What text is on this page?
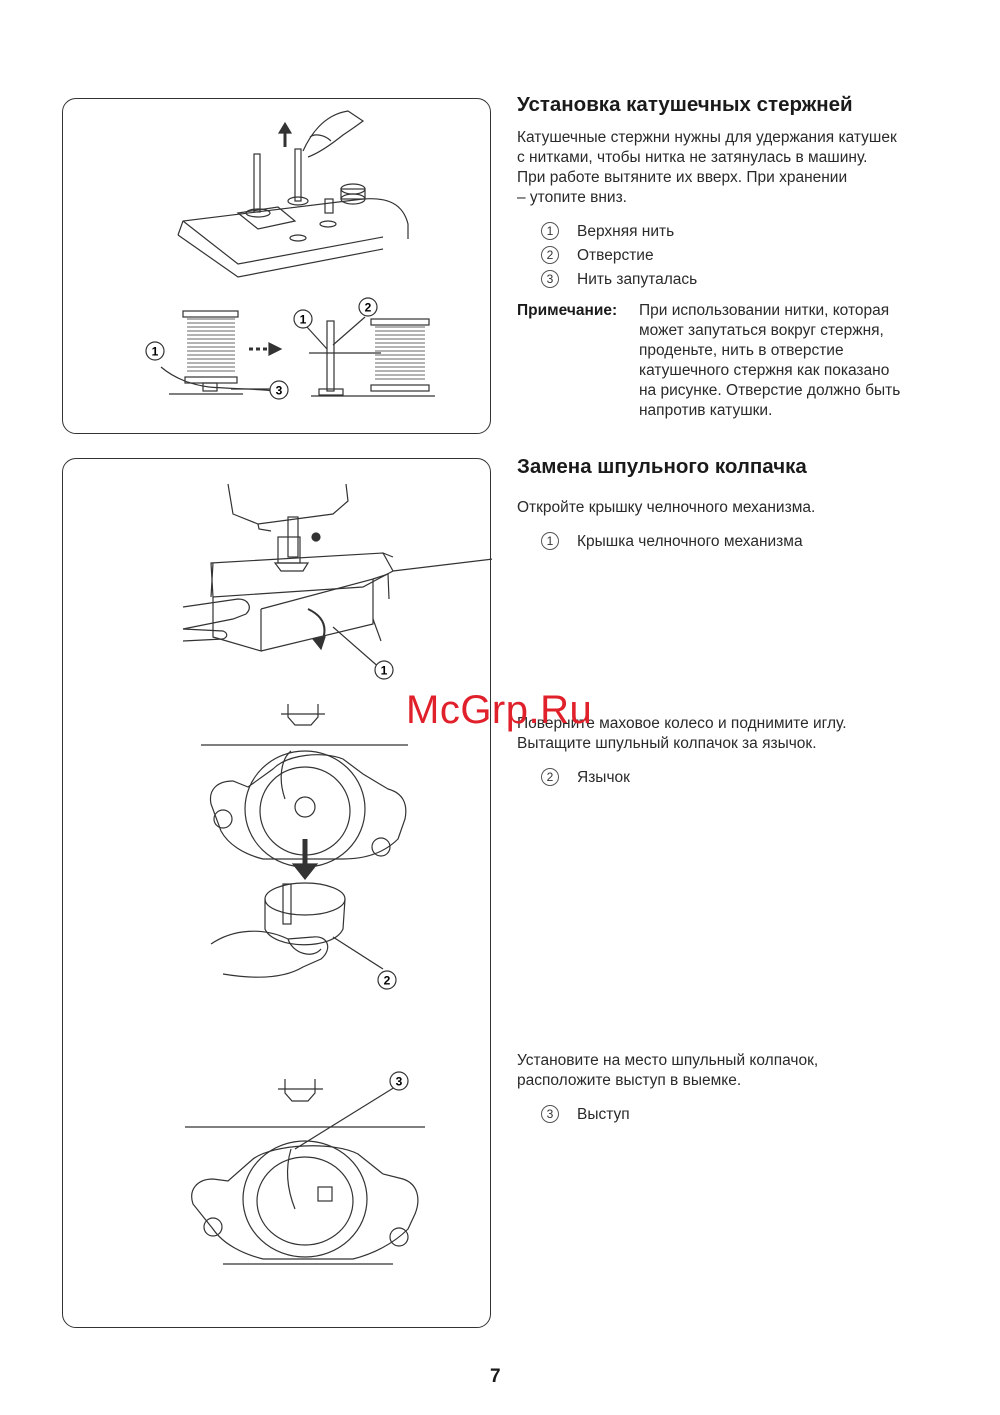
1
2
1
3
1
2
3
Установка катушечных стержней
Катушечные стержни нужны для удержания катушек
с нитками, чтобы нитка не затянулась в машину.
При работе вытяните их вверх. При хранении
– утопите вниз.
1 Верхняя нить
2 Отверстие
3 Нить запуталась
Примечание: При использовании нитки, которая
может запутаться вокруг стержня,
проденьте, нить в отверстие
катушечного стержня как показано
на рисунке. Отверстие должно быть
напротив катушки.
Замена шпульного колпачка
Откройте крышку челночного механизма.
1 Крышка челночного механизма
Поверните маховое колесо и поднимите иглу.
Вытащите шпульный колпачок за язычок.
2 Язычок
Установите на место шпульный колпачок,
расположите выступ в выемке.
3 Выступ
McGrp.Ru
7
